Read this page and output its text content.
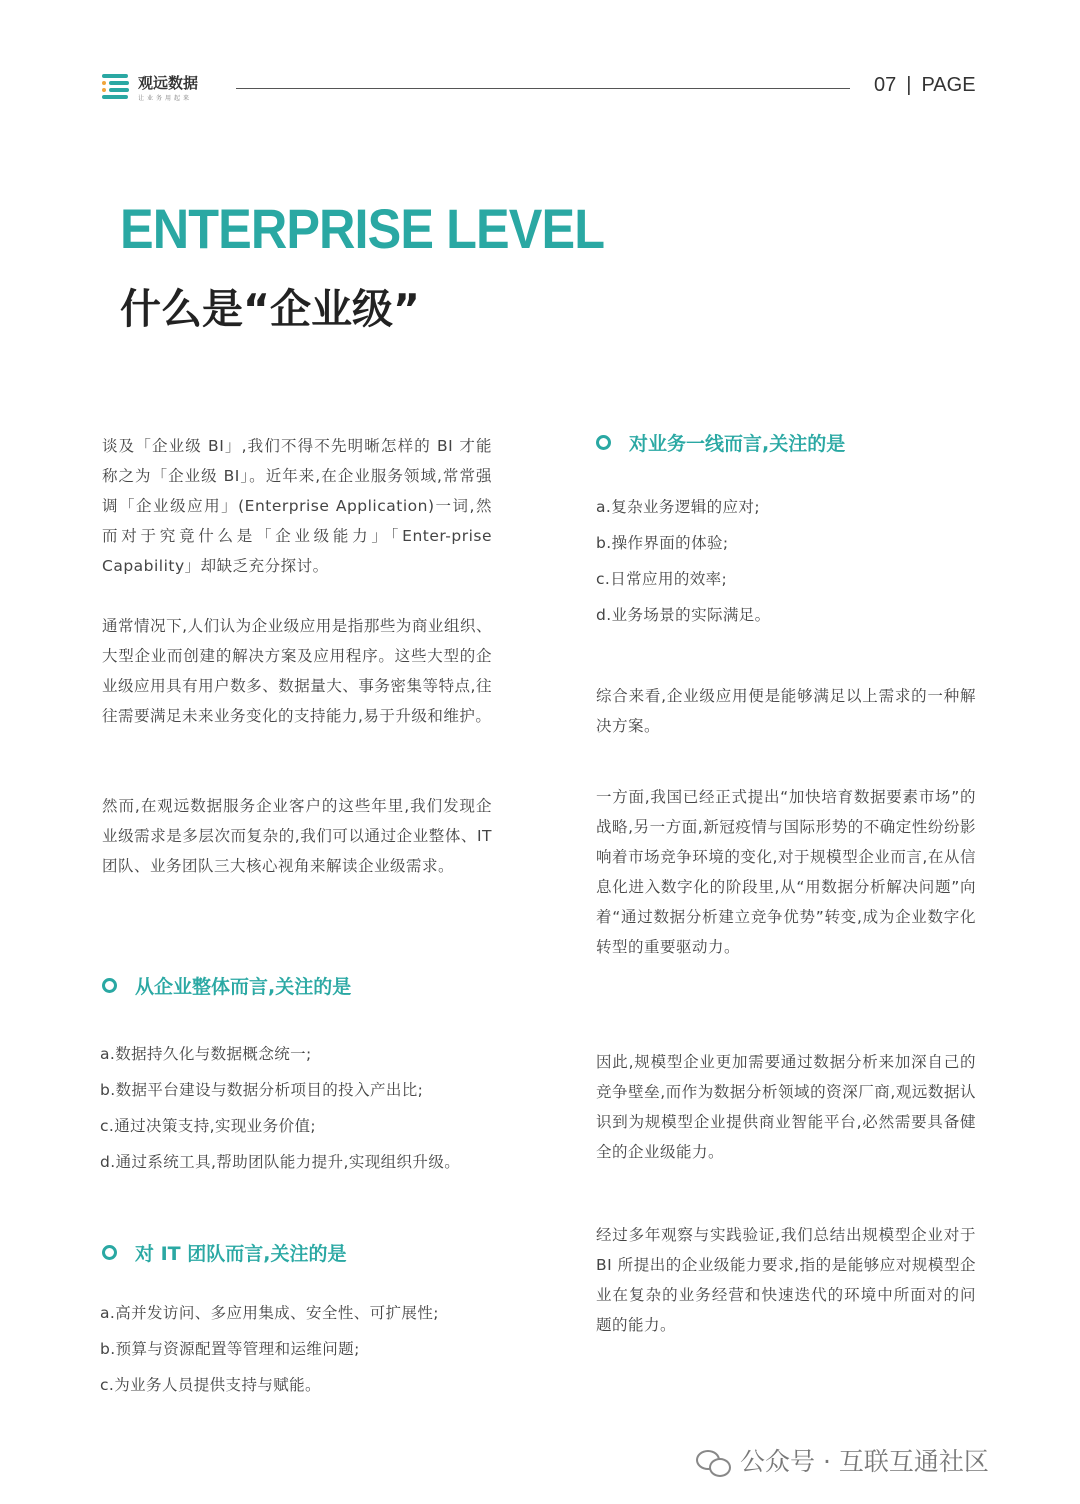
观远数据
让业务用起来
07 | PAGE
ENTERPRISE LEVEL
什么是“企业级”
谈及「企业级 BI」,我们不得不先明晰怎样的 BI 才能称之为「企业级 BI」。近年来,在企业服务领域,常常强调「企业级应用」(Enterprise Application)一词,然而对于究竟什么是「企业级能力」「Enter-prise Capability」却缺乏充分探讨。
通常情况下,人们认为企业级应用是指那些为商业组织、大型企业而创建的解决方案及应用程序。这些大型的企业级应用具有用户数多、数据量大、事务密集等特点,往往需要满足未来业务变化的支持能力,易于升级和维护。
然而,在观远数据服务企业客户的这些年里,我们发现企业级需求是多层次而复杂的,我们可以通过企业整体、IT团队、业务团队三大核心视角来解读企业级需求。
从企业整体而言,关注的是
a.数据持久化与数据概念统一;
b.数据平台建设与数据分析项目的投入产出比;
c.通过决策支持,实现业务价值;
d.通过系统工具,帮助团队能力提升,实现组织升级。
对 IT 团队而言,关注的是
a.高并发访问、多应用集成、安全性、可扩展性;
b.预算与资源配置等管理和运维问题;
c.为业务人员提供支持与赋能。
对业务一线而言,关注的是
a.复杂业务逻辑的应对;
b.操作界面的体验;
c.日常应用的效率;
d.业务场景的实际满足。
综合来看,企业级应用便是能够满足以上需求的一种解决方案。
一方面,我国已经正式提出“加快培育数据要素市场”的战略,另一方面,新冠疫情与国际形势的不确定性纷纷影响着市场竞争环境的变化,对于规模型企业而言,在从信息化进入数字化的阶段里,从“用数据分析解决问题”向着“通过数据分析建立竞争优势”转变,成为企业数字化转型的重要驱动力。
因此,规模型企业更加需要通过数据分析来加深自己的竞争壁垒,而作为数据分析领域的资深厂商,观远数据认识到为规模型企业提供商业智能平台,必然需要具备健全的企业级能力。
经过多年观察与实践验证,我们总结出规模型企业对于 BI 所提出的企业级能力要求,指的是能够应对规模型企业在复杂的业务经营和快速迭代的环境中所面对的问题的能力。
公众号 · 互联互通社区
